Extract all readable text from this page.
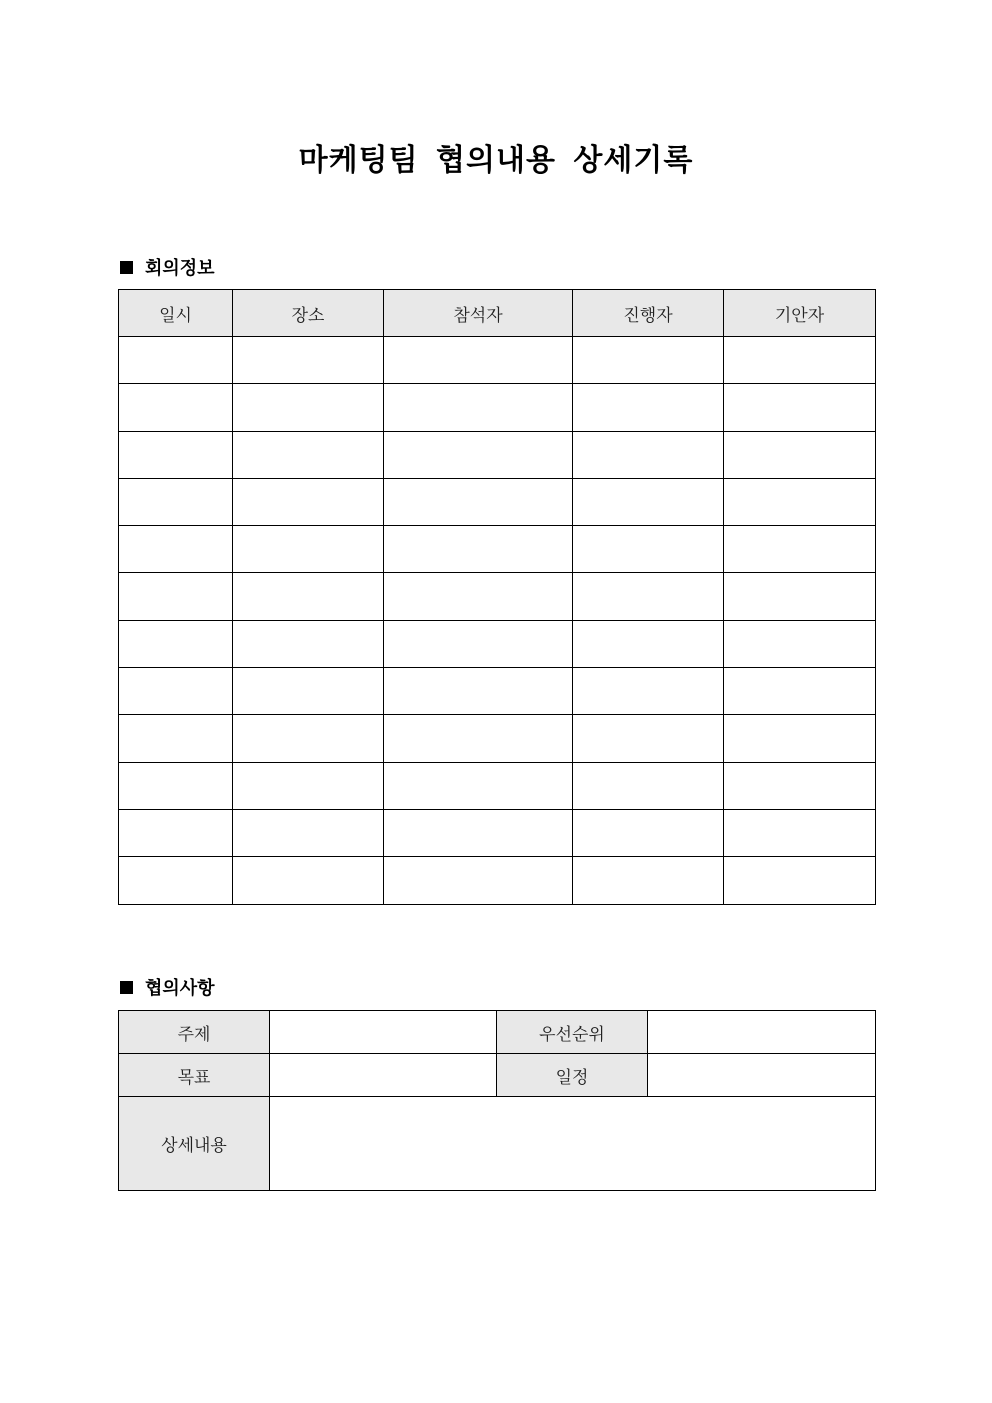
마케팅팀 협의내용 상세기록
회의정보
일시	장소	참석자	진행자	기안자

협의사항
주제		우선순위	
목표		일정	
상세내용			
